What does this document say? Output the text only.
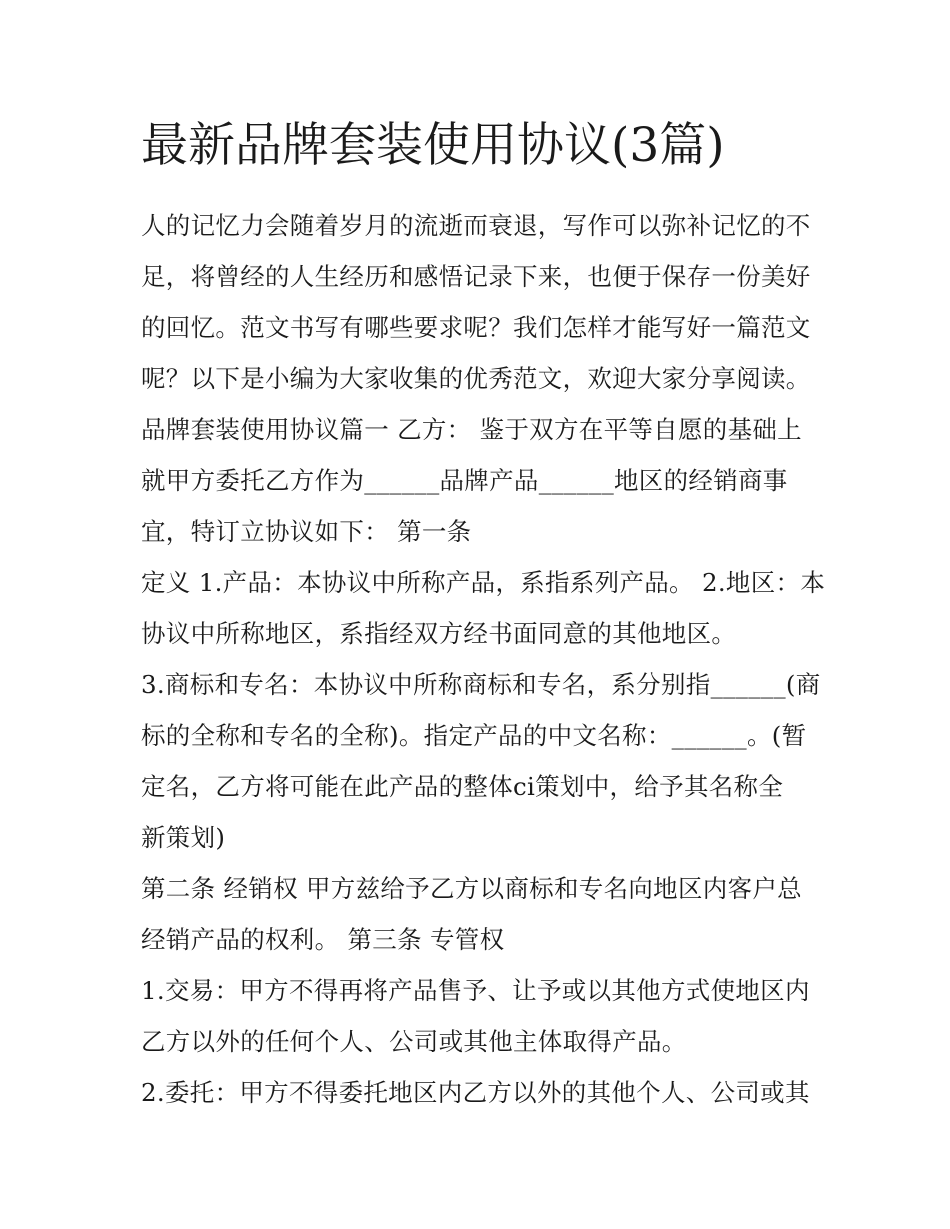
最新品牌套装使用协议(3篇)
人的记忆力会随着岁月的流逝而衰退，写作可以弥补记忆的不
足，将曾经的人生经历和感悟记录下来，也便于保存一份美好
的回忆。范文书写有哪些要求呢？我们怎样才能写好一篇范文
呢？以下是小编为大家收集的优秀范文，欢迎大家分享阅读。
品牌套装使用协议篇一 乙方： 鉴于双方在平等自愿的基础上
就甲方委托乙方作为______品牌产品______地区的经销商事
宜，特订立协议如下： 第一条
定义 1.产品：本协议中所称产品，系指系列产品。 2.地区：本
协议中所称地区，系指经双方经书面同意的其他地区。
3.商标和专名：本协议中所称商标和专名，系分别指______(商
标的全称和专名的全称)。指定产品的中文名称：______。(暂
定名，乙方将可能在此产品的整体ci策划中，给予其名称全
新策划)
第二条 经销权 甲方兹给予乙方以商标和专名向地区内客户总
经销产品的权利。 第三条 专管权
1.交易：甲方不得再将产品售予、让予或以其他方式使地区内
乙方以外的任何个人、公司或其他主体取得产品。
2.委托：甲方不得委托地区内乙方以外的其他个人、公司或其
